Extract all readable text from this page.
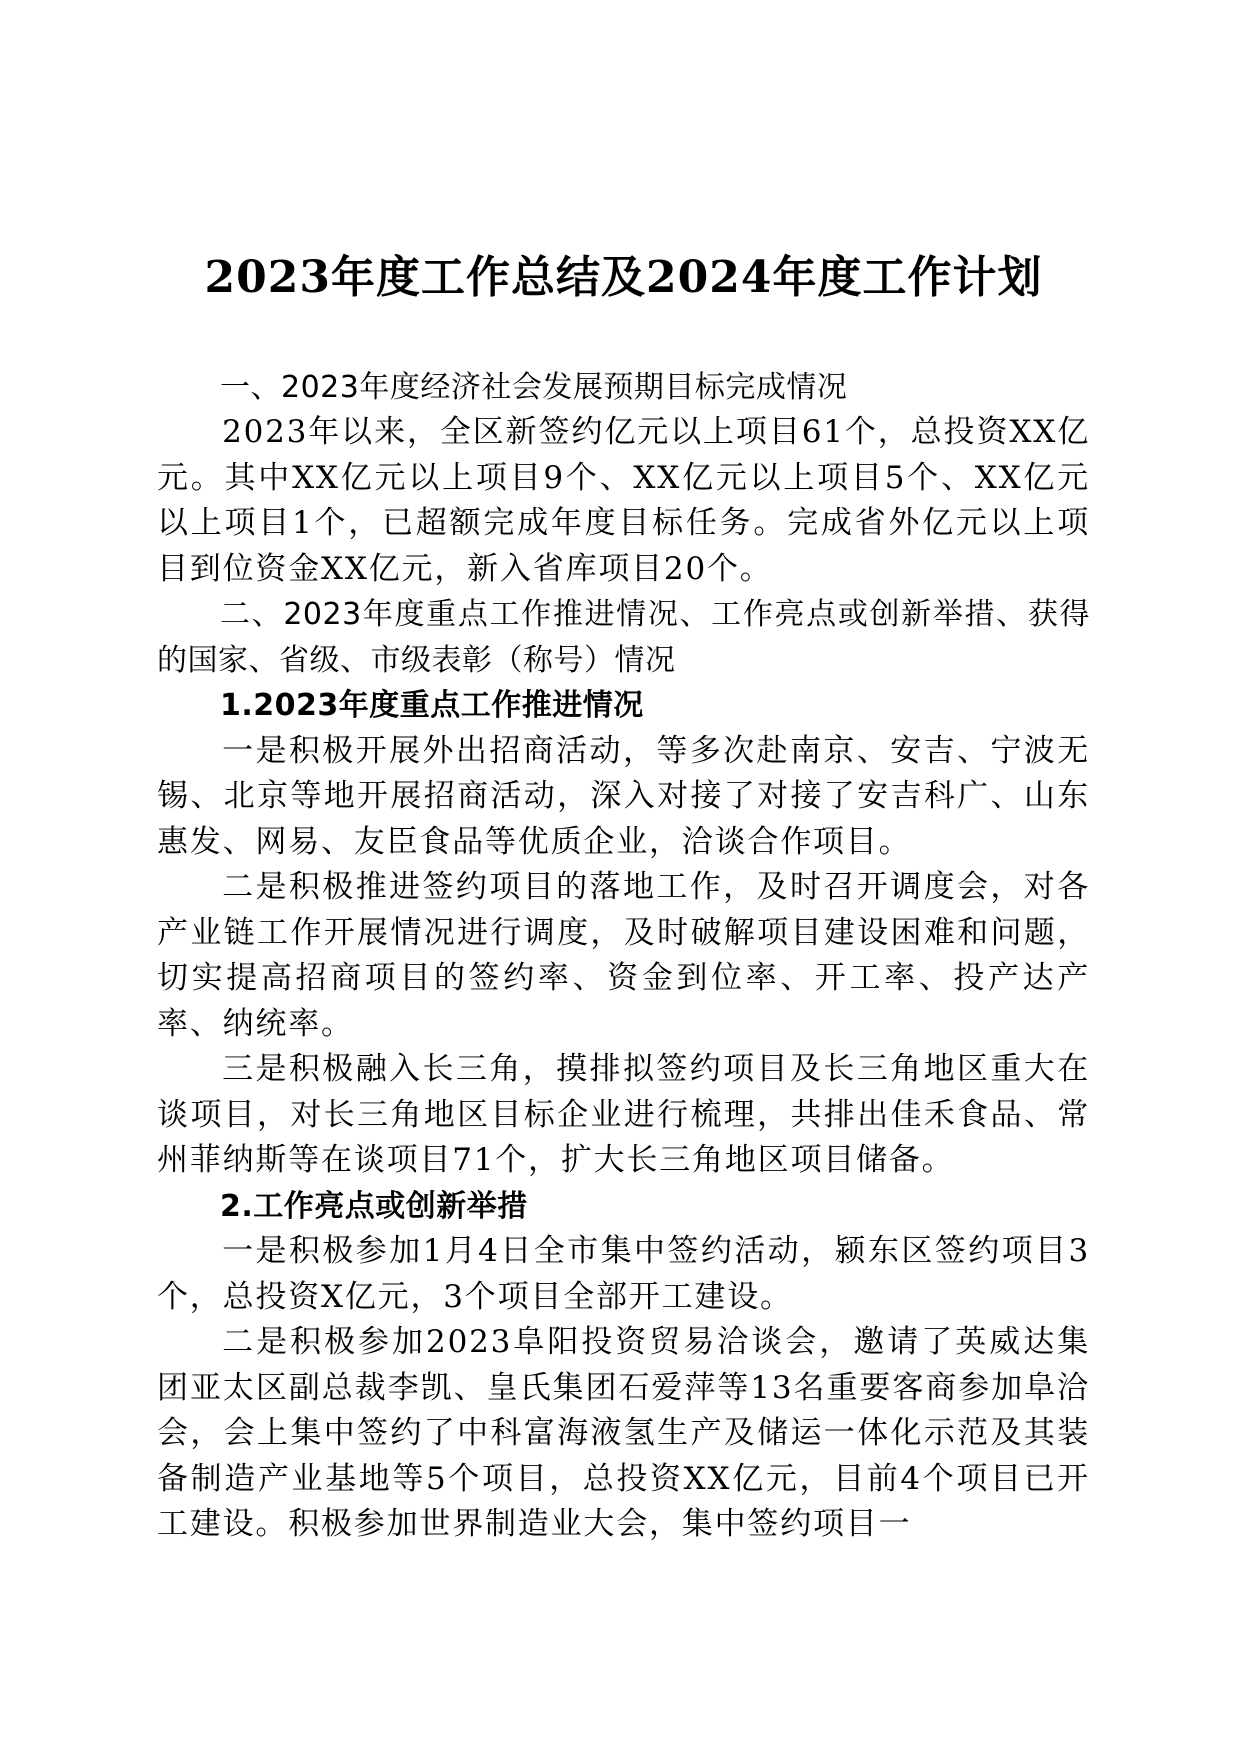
2023年度工作总结及2024年度工作计划

一、2023年度经济社会发展预期目标完成情况

2023年以来，全区新签约亿元以上项目61个，总投资XX亿元。其中XX亿元以上项目9个、XX亿元以上项目5个、XX亿元以上项目1个，已超额完成年度目标任务。完成省外亿元以上项目到位资金XX亿元，新入省库项目20个。

二、2023年度重点工作推进情况、工作亮点或创新举措、获得的国家、省级、市级表彰（称号）情况

1.2023年度重点工作推进情况

一是积极开展外出招商活动，等多次赴南京、安吉、宁波无锡、北京等地开展招商活动，深入对接了对接了安吉科广、山东惠发、网易、友臣食品等优质企业，洽谈合作项目。

二是积极推进签约项目的落地工作，及时召开调度会，对各产业链工作开展情况进行调度，及时破解项目建设困难和问题，切实提高招商项目的签约率、资金到位率、开工率、投产达产率、纳统率。

三是积极融入长三角，摸排拟签约项目及长三角地区重大在谈项目，对长三角地区目标企业进行梳理，共排出佳禾食品、常州菲纳斯等在谈项目71个，扩大长三角地区项目储备。

2.工作亮点或创新举措

一是积极参加1月4日全市集中签约活动，颍东区签约项目3个，总投资X亿元，3个项目全部开工建设。

二是积极参加2023阜阳投资贸易洽谈会，邀请了英威达集团亚太区副总裁李凯、皇氏集团石爱萍等13名重要客商参加阜洽会，会上集中签约了中科富海液氢生产及储运一体化示范及其装备制造产业基地等5个项目，总投资XX亿元，目前4个项目已开工建设。积极参加世界制造业大会，集中签约项目一
